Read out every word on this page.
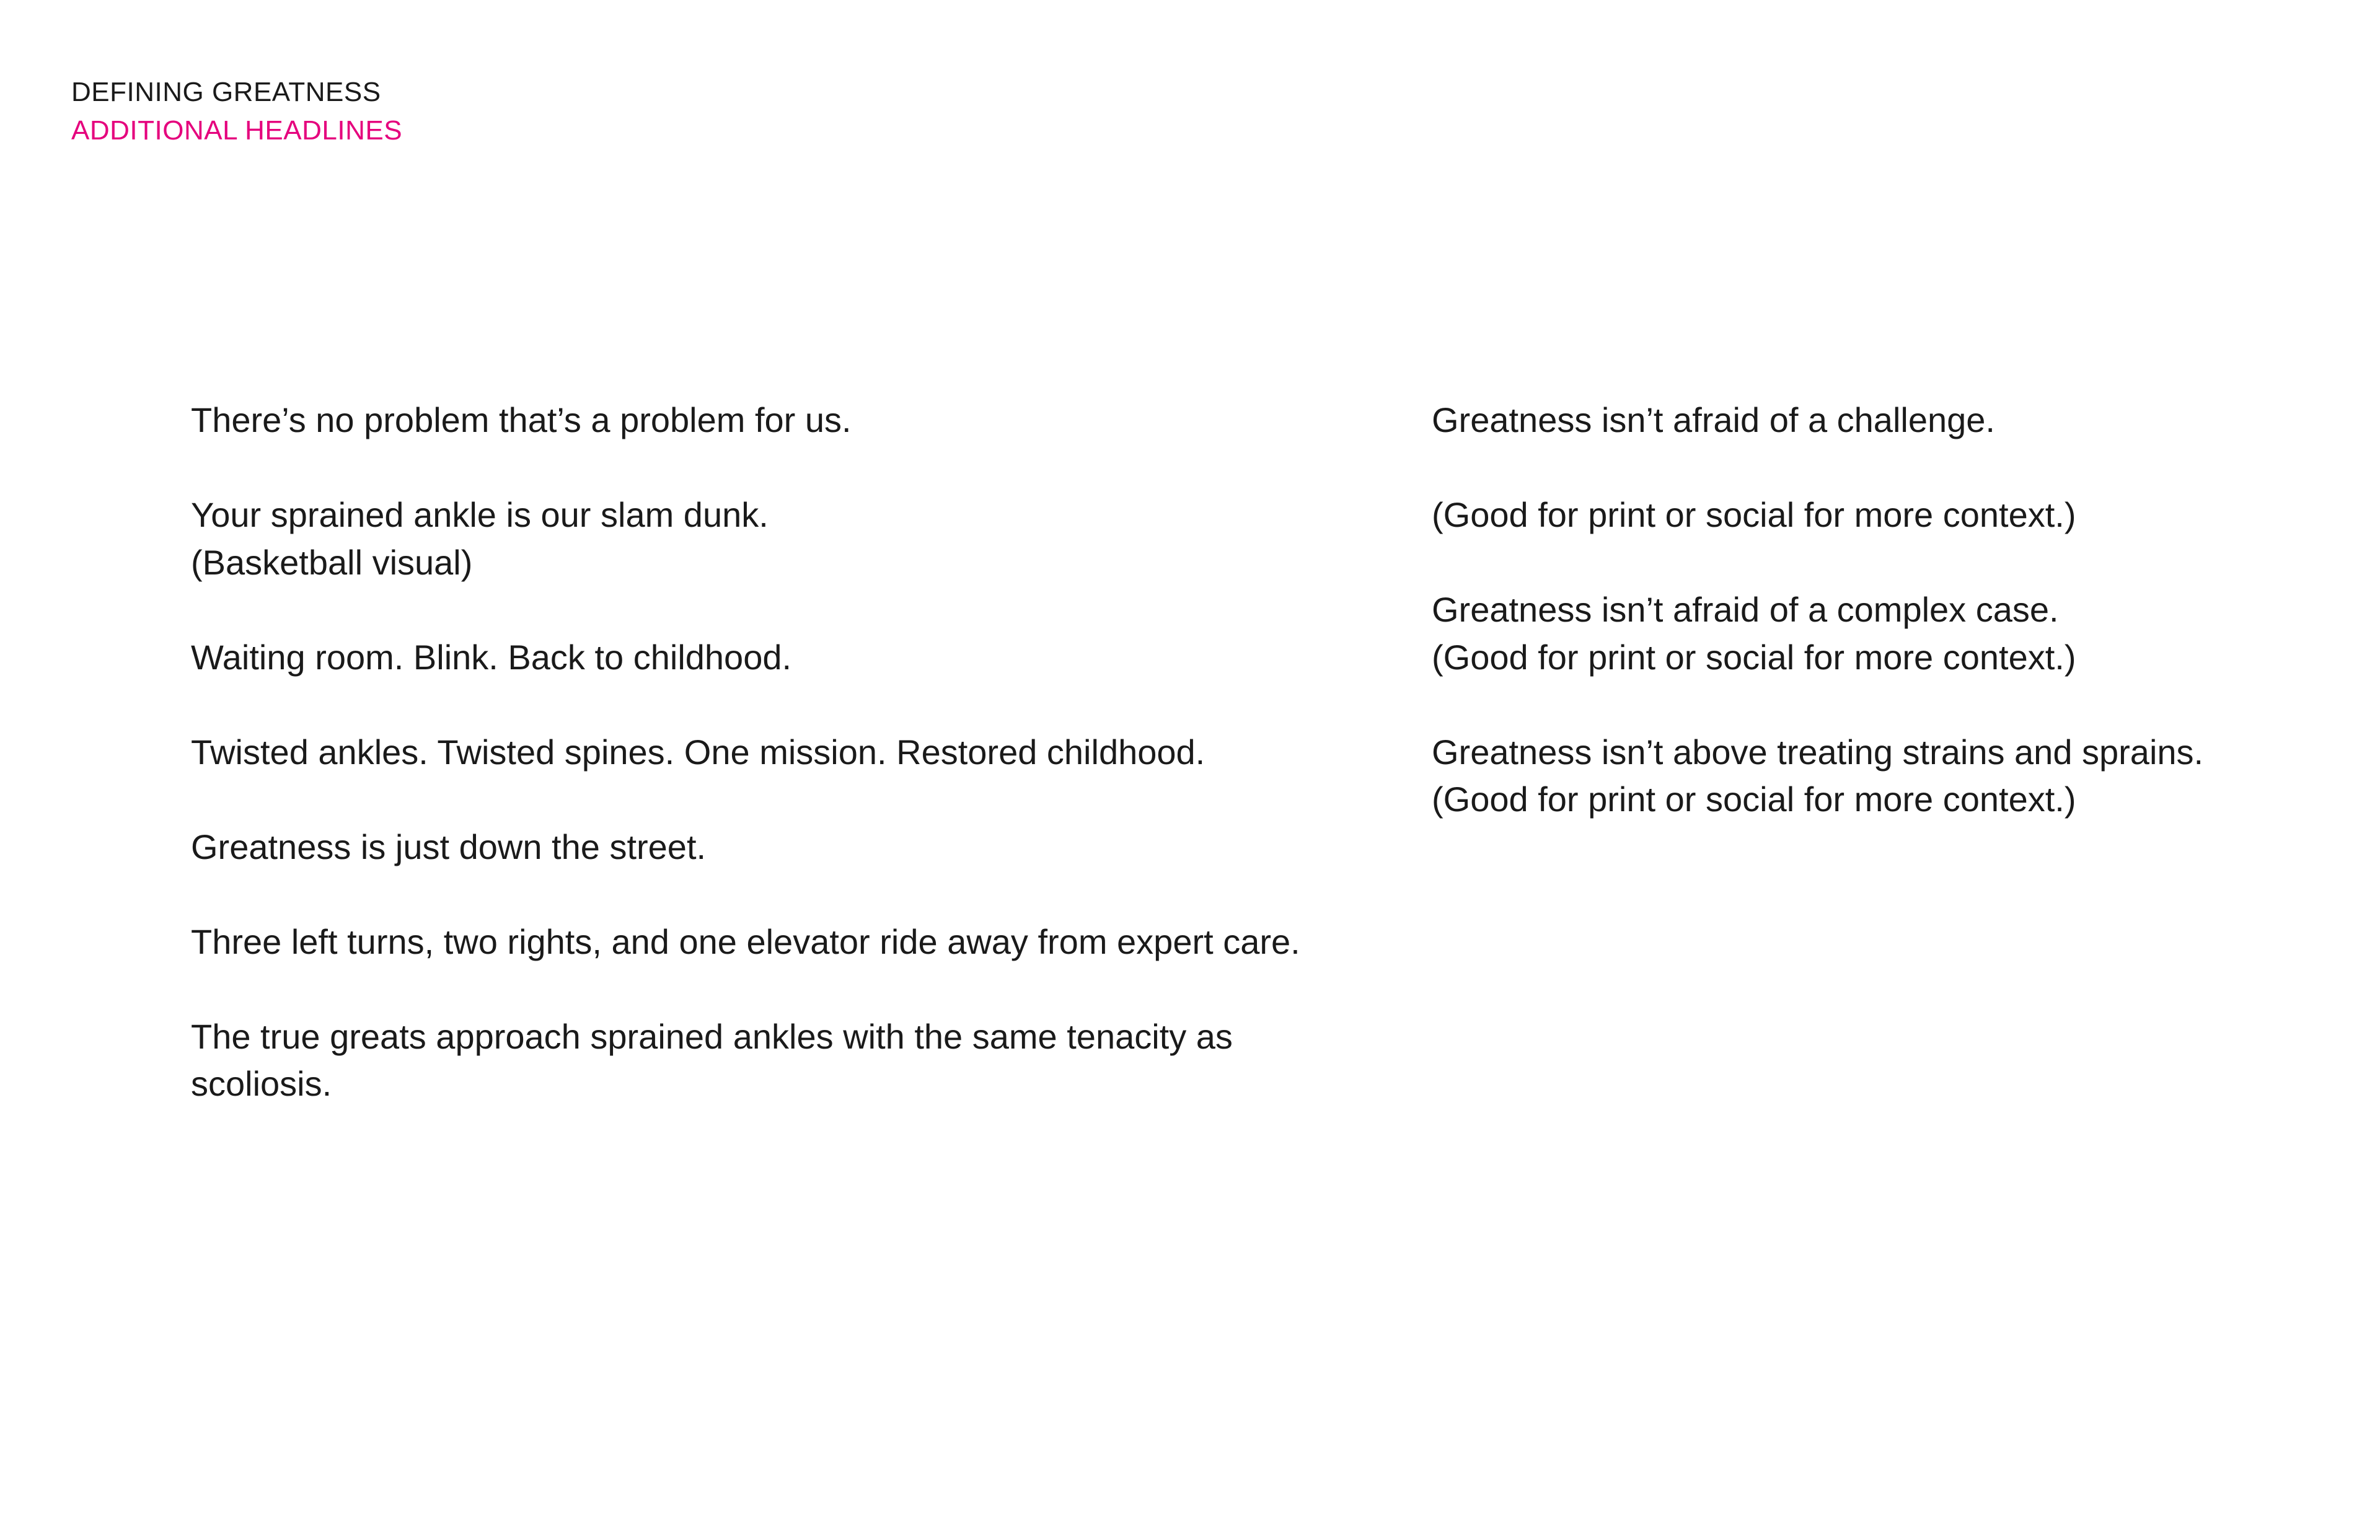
DEFINING GREATNESS
ADDITIONAL HEADLINES
There’s no problem that’s a problem for us.
Your sprained ankle is our slam dunk.
(Basketball visual)
Waiting room. Blink. Back to childhood.
Twisted ankles. Twisted spines. One mission. Restored childhood.
Greatness is just down the street.
Three left turns, two rights, and one elevator ride away from expert care.
The true greats approach sprained ankles with the same tenacity as
scoliosis.
Greatness isn’t afraid of a challenge.
(Good for print or social for more context.)
Greatness isn’t afraid of a complex case.
(Good for print or social for more context.)
Greatness isn’t above treating strains and sprains.
(Good for print or social for more context.)
